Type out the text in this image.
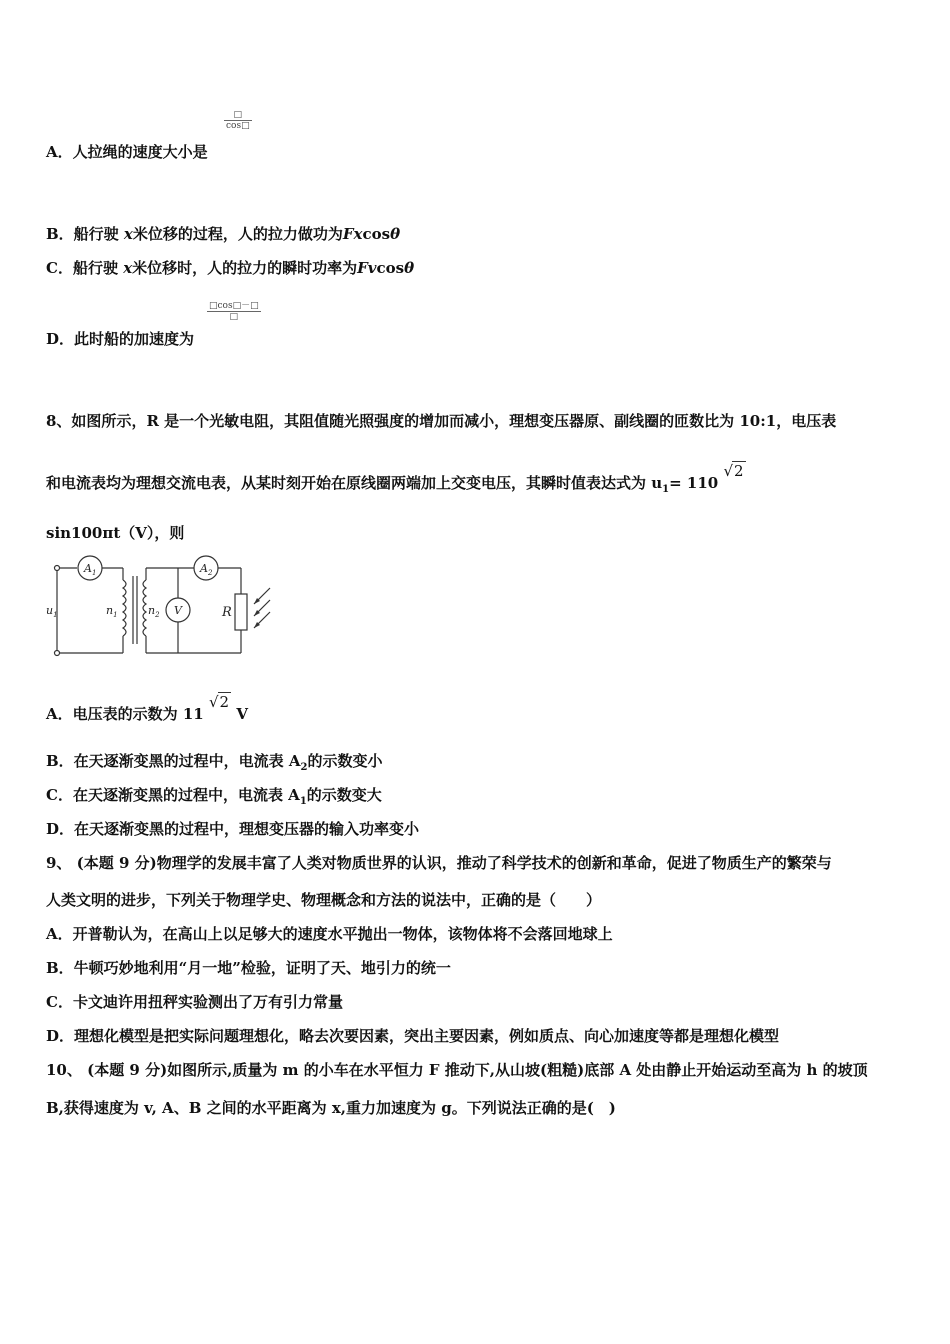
□
cos□
A．人拉绳的速度大小是
B．船行驶 x米位移的过程，人的拉力做功为Fxcosθ
C．船行驶 x米位移时，人的拉力的瞬时功率为Fvcosθ
□cos□－□
□
D．此时船的加速度为
8、如图所示，R 是一个光敏电阻，其阻值随光照强度的增加而减小，理想变压器原、副线圈的匝数比为 10:1，电压表
和电流表均为理想交流电表，从某时刻开始在原线圈两端加上交变电压，其瞬时值表达式为 $u_1= 110$ √2
sin100πt（V），则
$A_1$	$A_2$
$u_1$	$n_1$	$n_2$ V	R
A．电压表的示数为 11 √2 V
B．在天逐渐变黑的过程中，电流表 $A_2$的示数变小
C．在天逐渐变黑的过程中，电流表 $A_1$的示数变大
D．在天逐渐变黑的过程中，理想变压器的输入功率变小
9、 (本题 9 分)物理学的发展丰富了人类对物质世界的认识，推动了科学技术的创新和革命，促进了物质生产的繁荣与
人类文明的进步，下列关于物理学史、物理概念和方法的说法中，正确的是（　　）
A．开普勒认为，在高山上以足够大的速度水平抛出一物体，该物体将不会落回地球上
B．牛顿巧妙地利用“月一地”检验，证明了天、地引力的统一
C．卡文迪许用扭秤实验测出了万有引力常量
D．理想化模型是把实际问题理想化，略去次要因素，突出主要因素，例如质点、向心加速度等都是理想化模型
10、 (本题 9 分)如图所示,质量为 m 的小车在水平恒力 F 推动下,从山坡(粗糙)底部 A 处由静止开始运动至高为 h 的坡顶
B,获得速度为 v, A、B 之间的水平距离为 x,重力加速度为 g。下列说法正确的是(　)
